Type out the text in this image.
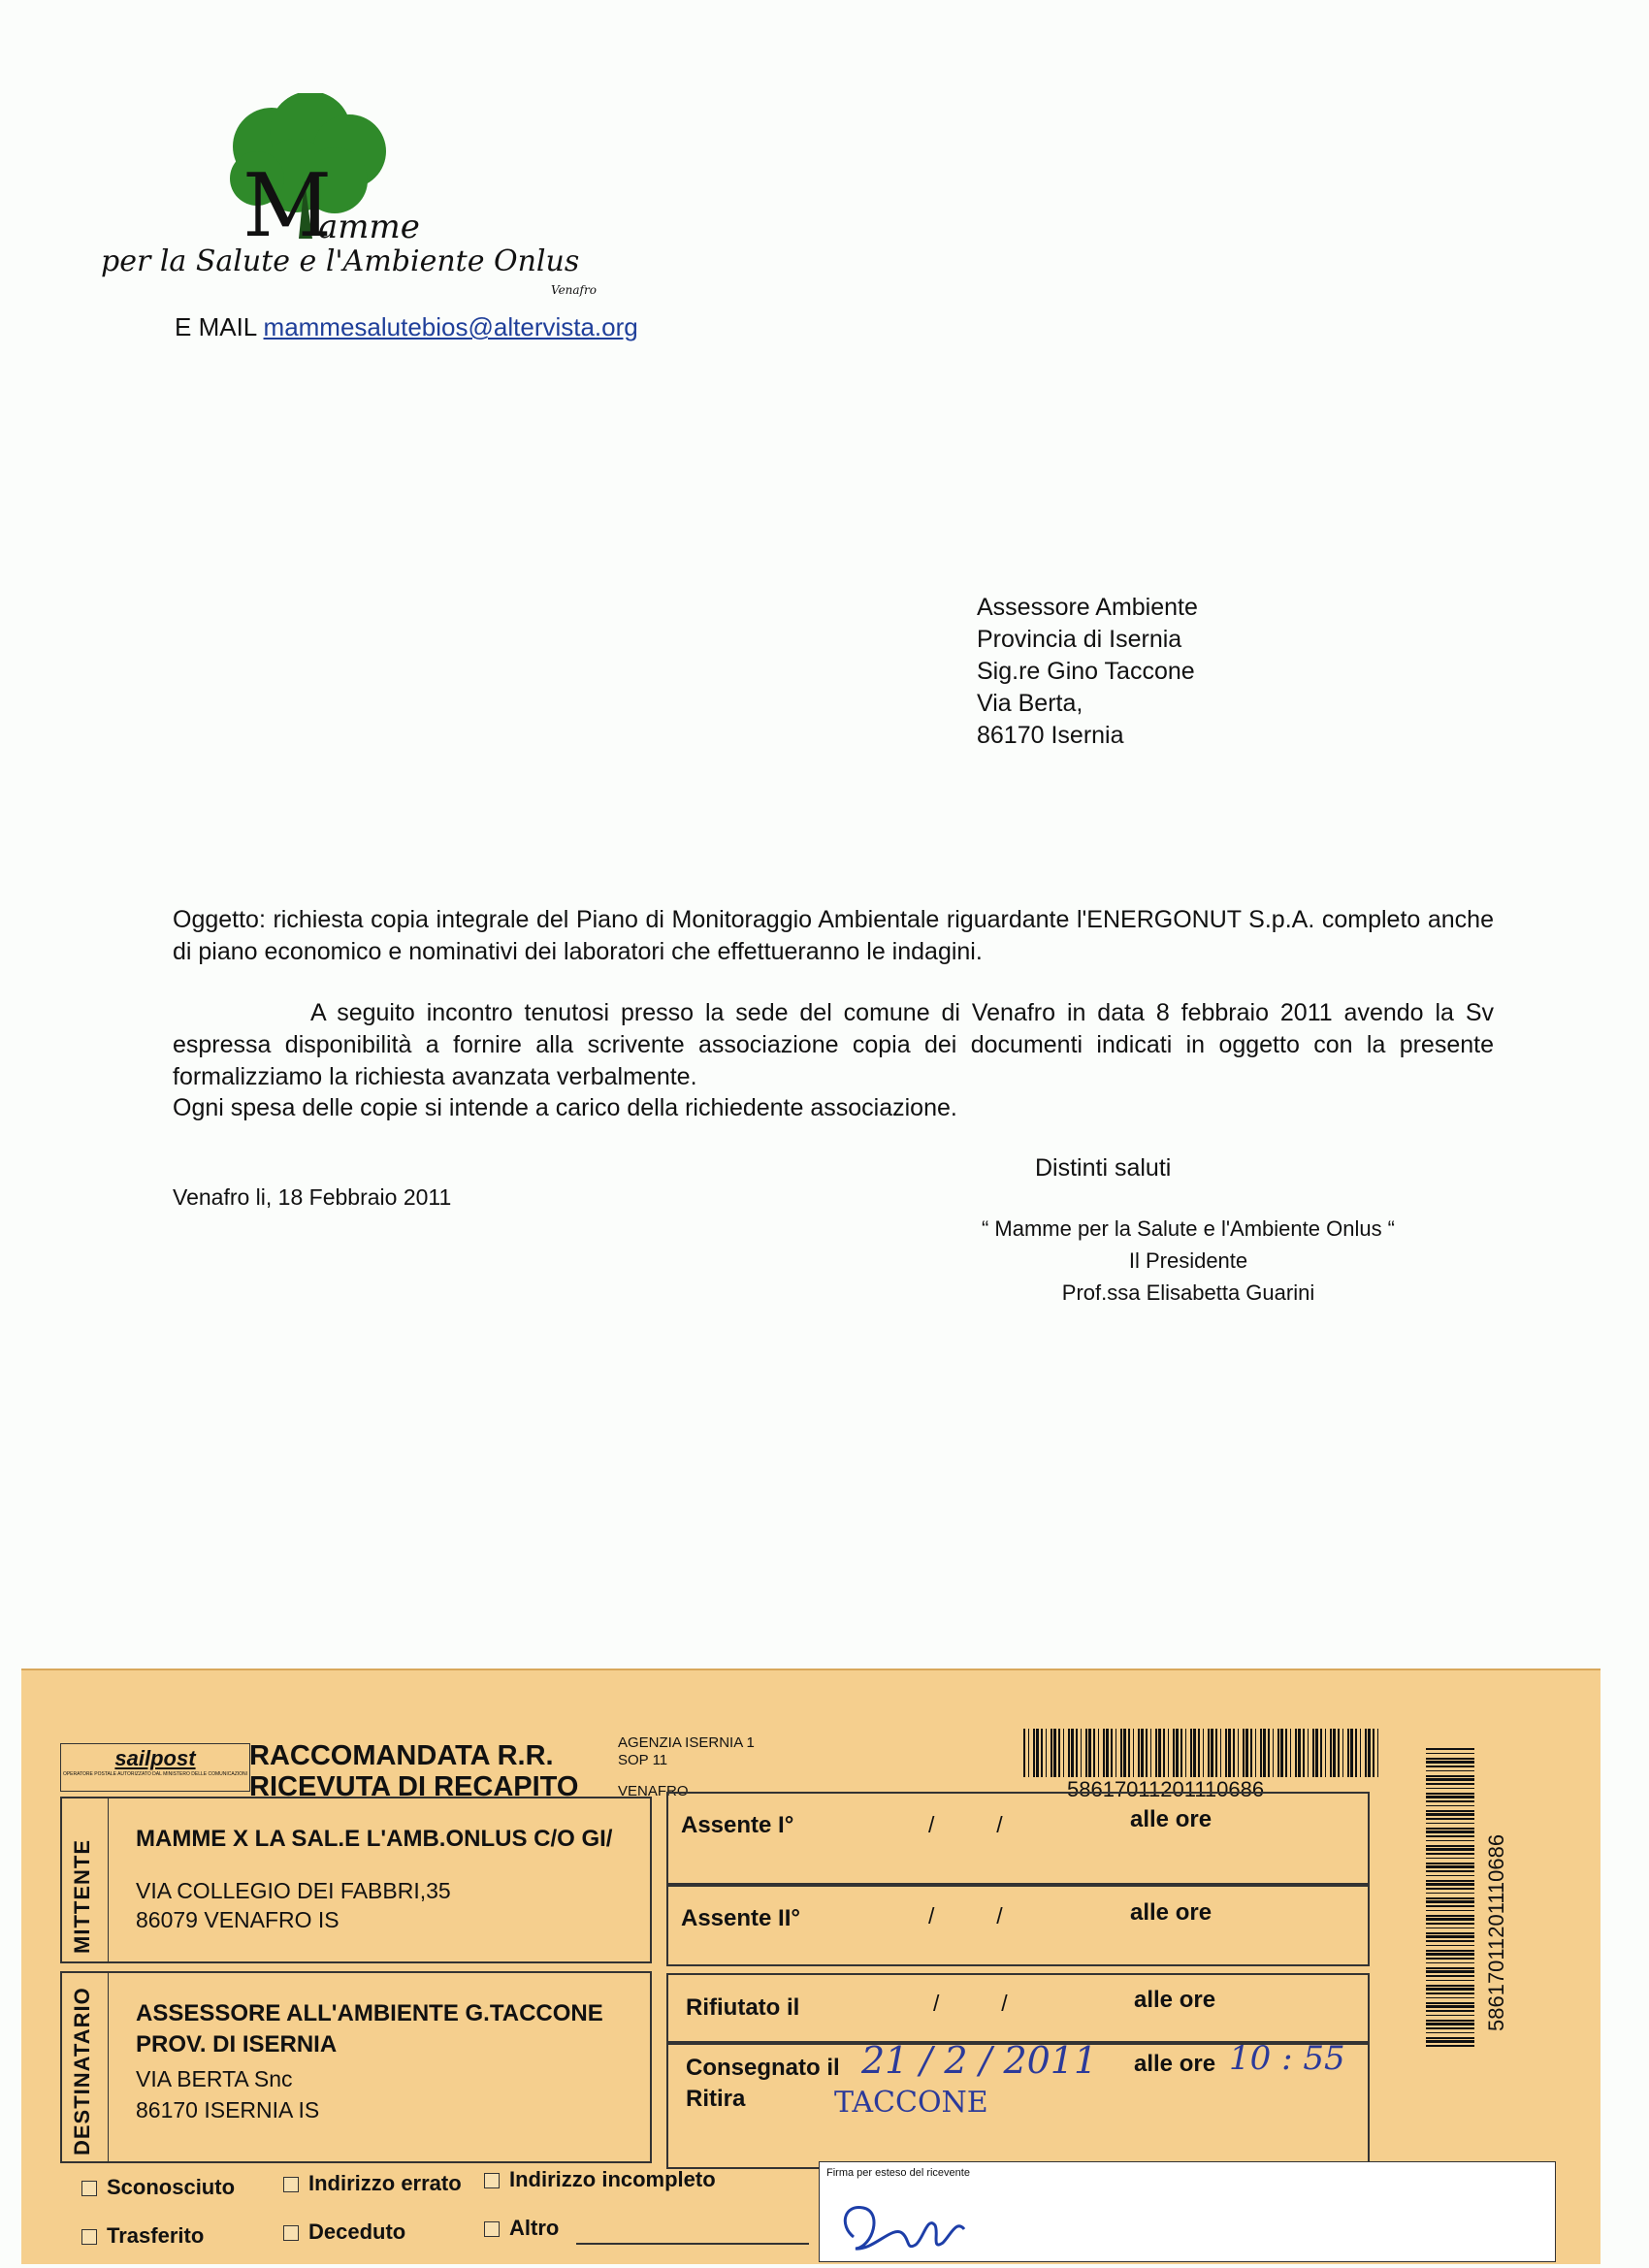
M
amme
per la Salute e l'Ambiente Onlus
Venafro
E MAIL mammesalutebios@altervista.org
Assessore Ambiente
Provincia di Isernia
Sig.re Gino Taccone
Via Berta,
86170 Isernia
Oggetto: richiesta copia integrale del Piano di Monitoraggio Ambientale riguardante l'ENERGONUT S.p.A. completo anche di piano economico e nominativi dei laboratori che effettueranno le indagini.
A seguito incontro tenutosi presso la sede del comune di Venafro in data 8 febbraio 2011 avendo la Sv espressa disponibilità a fornire alla scrivente associazione copia dei documenti indicati in oggetto con la presente formalizziamo la richiesta avanzata verbalmente.
Ogni spesa delle copie si intende a carico della richiedente associazione.
Distinti saluti
Venafro li, 18 Febbraio 2011
“ Mamme per la Salute e l'Ambiente Onlus “
Il Presidente
Prof.ssa Elisabetta Guarini
sailpost
OPERATORE POSTALE AUTORIZZATO DAL MINISTERO DELLE COMUNICAZIONI
RACCOMANDATA R.R.
RICEVUTA DI RECAPITO
AGENZIA ISERNIA 1
SOP 11
VENAFRO	58617011201110686
58617011201110686
MITTENTE
MAMME X LA SAL.E L'AMB.ONLUS C/O GI/
VIA COLLEGIO DEI FABBRI,35
86079 VENAFRO IS
DESTINATARIO ASSESSORE ALL'AMBIENTE G.TACCONE
PROV. DI ISERNIA
VIA BERTA Snc
86170 ISERNIA IS
Assente I°	/          /	alle ore
Assente II°	/          /	alle ore
Rifiutato il	/          /	alle ore
Consegnato il 21 / 2 / 2011 alle ore 10 : 55
Ritira	TACCONE
Sconosciuto	Indirizzo errato	Indirizzo incompleto
Trasferito	Deceduto	Altro
Firma per esteso del ricevente
